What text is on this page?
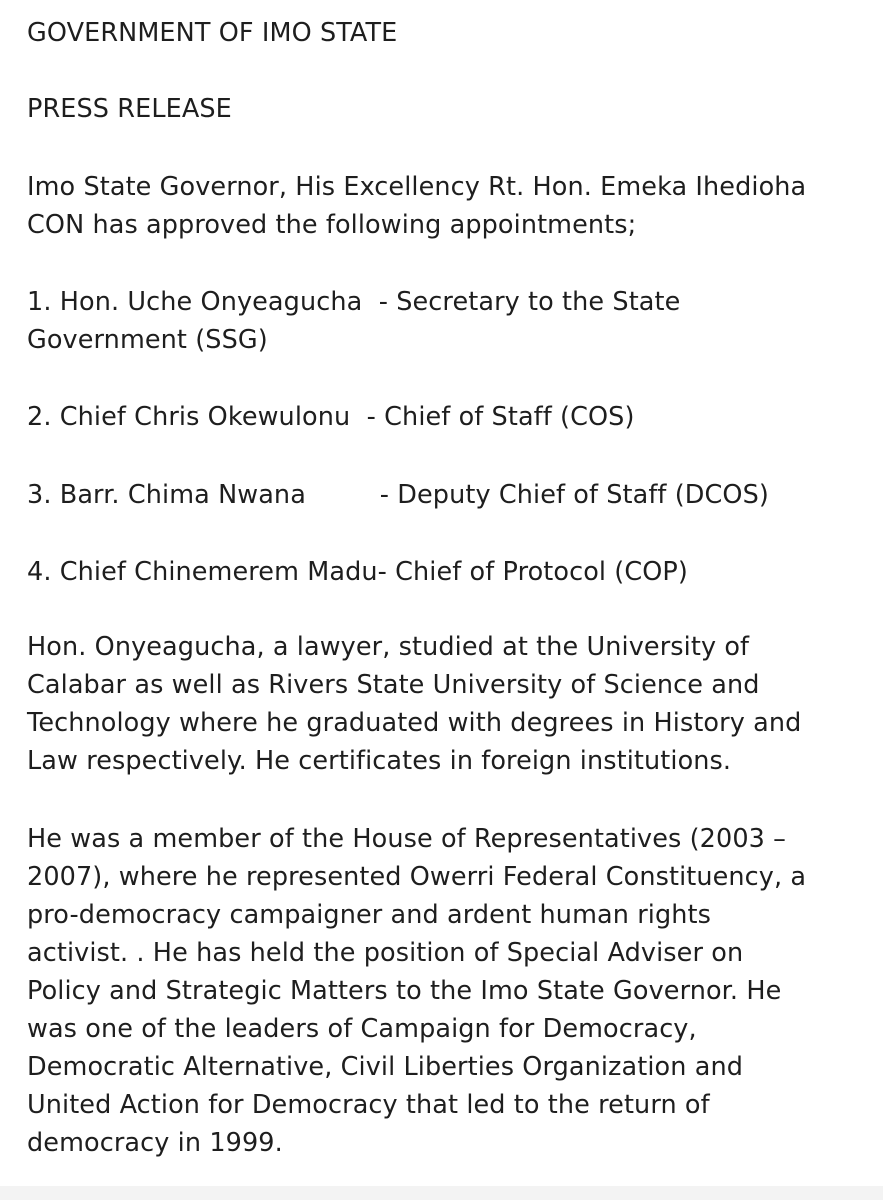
GOVERNMENT OF IMO STATE
PRESS RELEASE
Imo State Governor, His Excellency Rt. Hon. Emeka Ihedioha
CON has approved the following appointments;
1. Hon. Uche Onyeagucha  - Secretary to the State
Government (SSG)
2. Chief Chris Okewulonu  - Chief of Staff (COS)
3. Barr. Chima Nwana         - Deputy Chief of Staff (DCOS)
4. Chief Chinemerem Madu- Chief of Protocol (COP)
Hon. Onyeagucha, a lawyer, studied at the University of
Calabar as well as Rivers State University of Science and
Technology where he graduated with degrees in History and
Law respectively. He certificates in foreign institutions.
He was a member of the House of Representatives (2003 –
2007), where he represented Owerri Federal Constituency, a
pro-democracy campaigner and ardent human rights
activist. . He has held the position of Special Adviser on
Policy and Strategic Matters to the Imo State Governor. He
was one of the leaders of Campaign for Democracy,
Democratic Alternative, Civil Liberties Organization and
United Action for Democracy that led to the return of
democracy in 1999.
